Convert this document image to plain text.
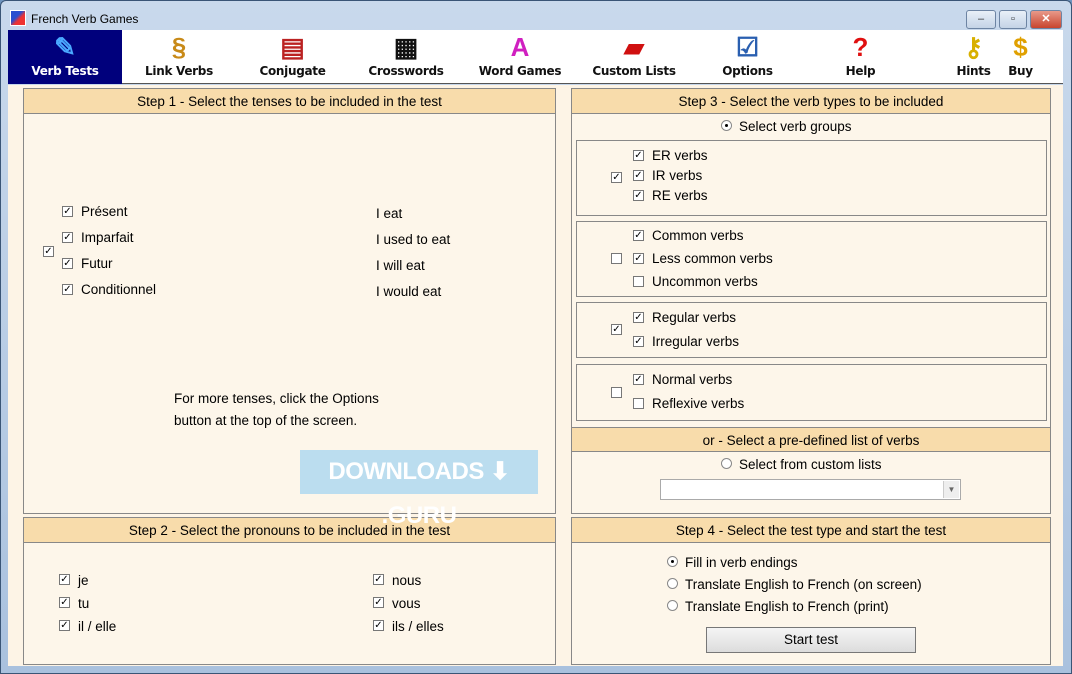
French Verb Games	–	▫	✕
✎
Verb Tests
§
Link Verbs
▤
Conjugate
▦
Crosswords
A
Word Games
▰
Custom Lists
☑
Options
?
Help
⚷
Hints
$
Buy
Step 1 - Select the tenses to be included in the test
✓
✓ Présent	I eat
✓ Imparfait	I used to eat
✓ Futur	I will eat
✓ Conditionnel	I would eat
For more tenses, click the Options
button at the top of the screen.
Step 2 - Select the pronouns to be included in the test
✓ je
✓ tu
✓ il / elle
✓ nous
✓ vous
✓ ils / elles
Step 3 - Select the verb types to be included
or - Select a pre-defined list of verbs
Select verb groups
✓
✓ ER verbs
✓ IR verbs
✓ RE verbs
✓ Common verbs
✓ Less common verbs
Uncommon verbs
✓
✓ Regular verbs
✓ Irregular verbs
✓ Normal verbs
Reflexive verbs
Select from custom lists
▼
Step 4 - Select the test type and start the test
Fill in verb endings
Translate English to French (on screen)
Translate English to French (print)
Start test
DOWNLOADS ⬇ .GURU
